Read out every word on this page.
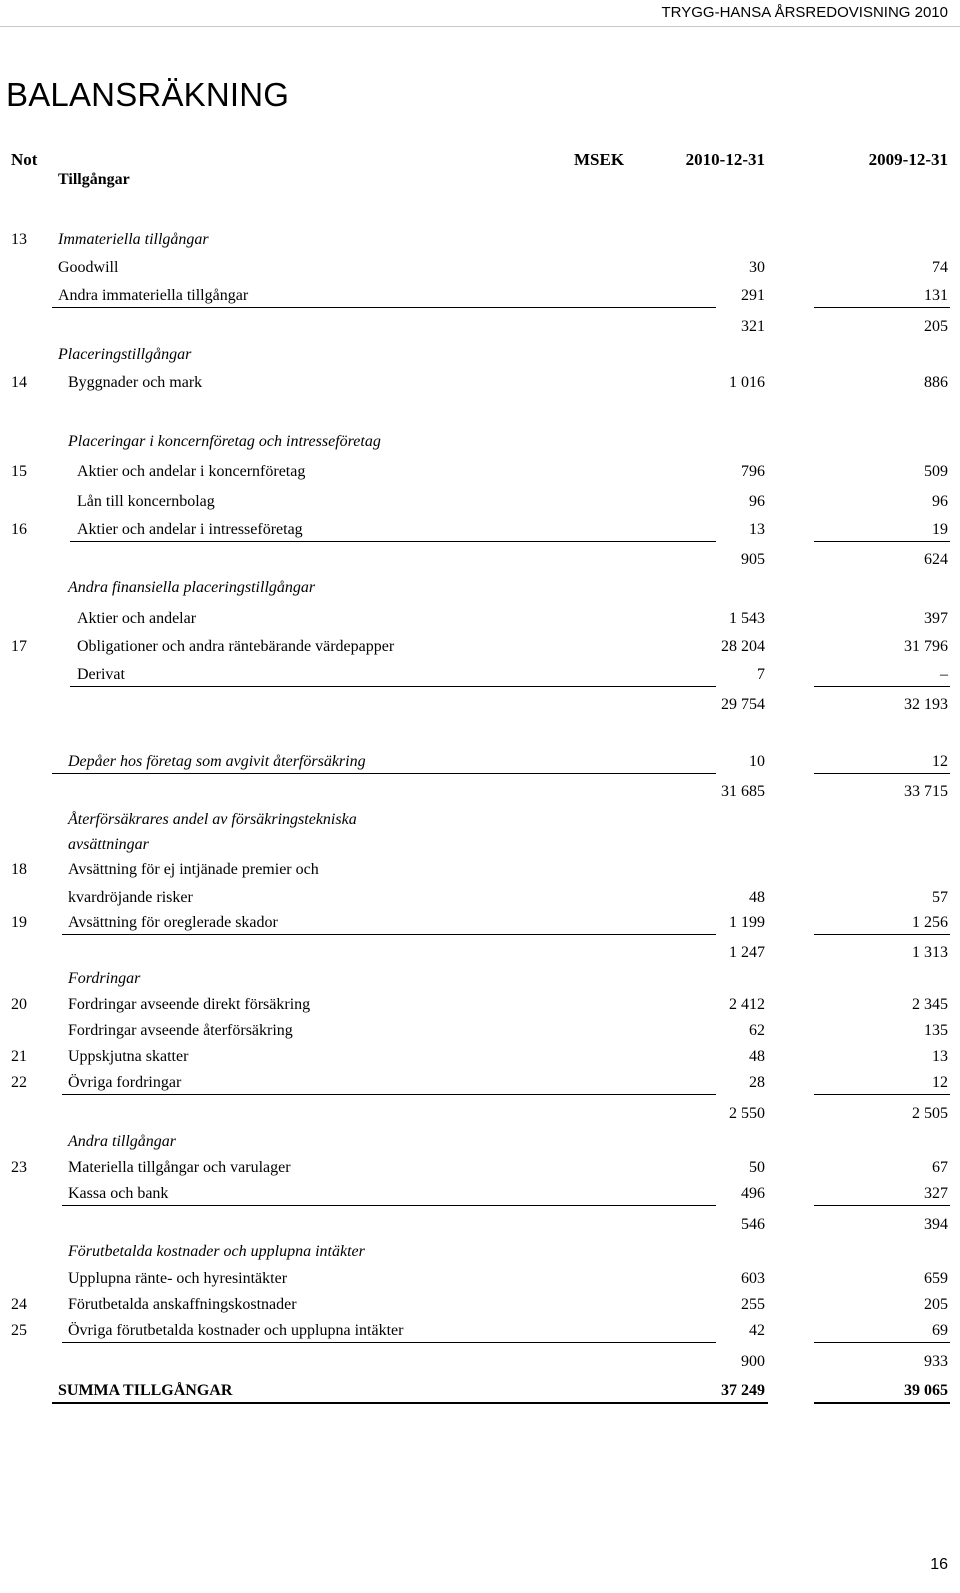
TRYGG-HANSA ÅRSREDOVISNING 2010
BALANSRÄKNING
Not	MSEK	2010-12-31	2009-12-31
Tillgångar
13	Immateriella tillgångar
Goodwill	30	74
Andra immateriella tillgångar	291	131
321	205
Placeringstillgångar
14	Byggnader och mark	1 016	886
Placeringar i koncernföretag och intresseföretag
15	Aktier och andelar i koncernföretag	796	509
Lån till koncernbolag	96	96
16	Aktier och andelar i intresseföretag	13	19
905	624
Andra finansiella placeringstillgångar
Aktier och andelar	1 543	397
17	Obligationer och andra räntebärande värdepapper	28 204	31 796
Derivat	7	–
29 754	32 193
Depåer hos företag som avgivit återförsäkring	10	12
31 685	33 715
Återförsäkrares andel av försäkringstekniska
avsättningar
18	Avsättning för ej intjänade premier och
kvardröjande risker	48	57
19	Avsättning för oreglerade skador	1 199	1 256
1 247	1 313
Fordringar
20	Fordringar avseende direkt försäkring	2 412	2 345
Fordringar avseende återförsäkring	62	135
21	Uppskjutna skatter	48	13
22	Övriga fordringar	28	12
2 550	2 505
Andra tillgångar
23	Materiella tillgångar och varulager	50	67
Kassa och bank	496	327
546	394
Förutbetalda kostnader och upplupna intäkter
Upplupna ränte- och hyresintäkter	603	659
24	Förutbetalda anskaffningskostnader	255	205
25	Övriga förutbetalda kostnader och upplupna intäkter	42	69
900	933
SUMMA TILLGÅNGAR	37 249	39 065
16
